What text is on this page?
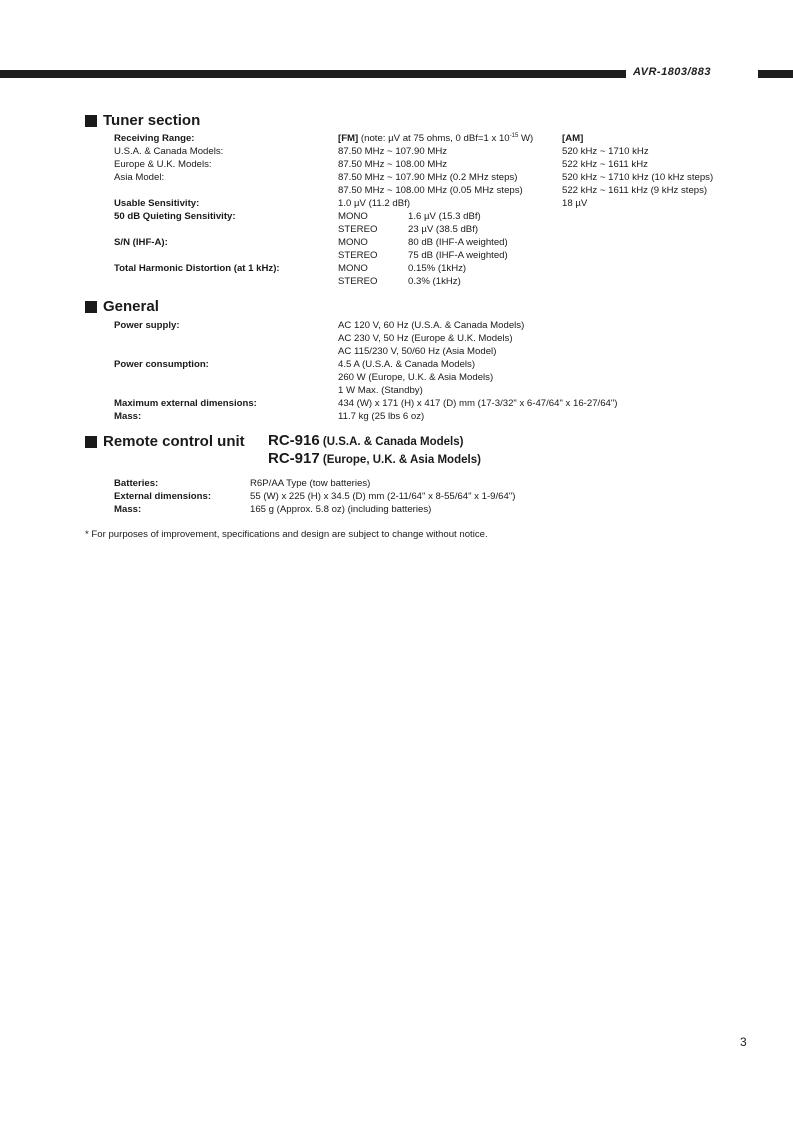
AVR-1803/883
Tuner section
Receiving Range:	[FM] (note: µV at 75 ohms, 0 dBf=1 x $10^{-15}$ W)	[AM]
U.S.A. & Canada Models:	87.50 MHz ~ 107.90 MHz	520 kHz ~ 1710 kHz
Europe & U.K. Models:	87.50 MHz ~ 108.00 MHz	522 kHz ~ 1611 kHz
Asia Model:	87.50 MHz ~ 107.90 MHz (0.2 MHz steps)	520 kHz ~ 1710 kHz (10 kHz steps)
87.50 MHz ~ 108.00 MHz (0.05 MHz steps)	522 kHz ~ 1611 kHz (9 kHz steps)
Usable Sensitivity:	1.0 µV (11.2 dBf)	18 µV
50 dB Quieting Sensitivity:	MONO	1.6 µV (15.3 dBf)
STEREO	23 µV (38.5 dBf)
S/N (IHF-A):	MONO	80 dB (IHF-A weighted)
STEREO	75 dB (IHF-A weighted)
Total Harmonic Distortion (at 1 kHz):	MONO	0.15% (1kHz)
STEREO	0.3% (1kHz)
General
Power supply:	AC 120 V, 60 Hz (U.S.A. & Canada Models)
AC 230 V, 50 Hz (Europe & U.K. Models)
AC 115/230 V, 50/60 Hz (Asia Model)
Power consumption:	4.5 A (U.S.A. & Canada Models)
260 W (Europe, U.K. & Asia Models)
1 W Max. (Standby)
Maximum external dimensions:	434 (W) x 171 (H) x 417 (D) mm (17-3/32" x 6-47/64" x 16-27/64")
Mass:	11.7 kg (25 lbs 6 oz)
Remote control unit RC-916 (U.S.A. & Canada Models)
RC-917 (Europe, U.K. & Asia Models)
Batteries:	R6P/AA Type (tow batteries)
External dimensions:	55 (W) x 225 (H) x 34.5 (D) mm (2-11/64" x 8-55/64" x 1-9/64")
Mass:	165 g (Approx. 5.8 oz) (including batteries)
* For purposes of improvement, specifications and design are subject to change without notice.
3
